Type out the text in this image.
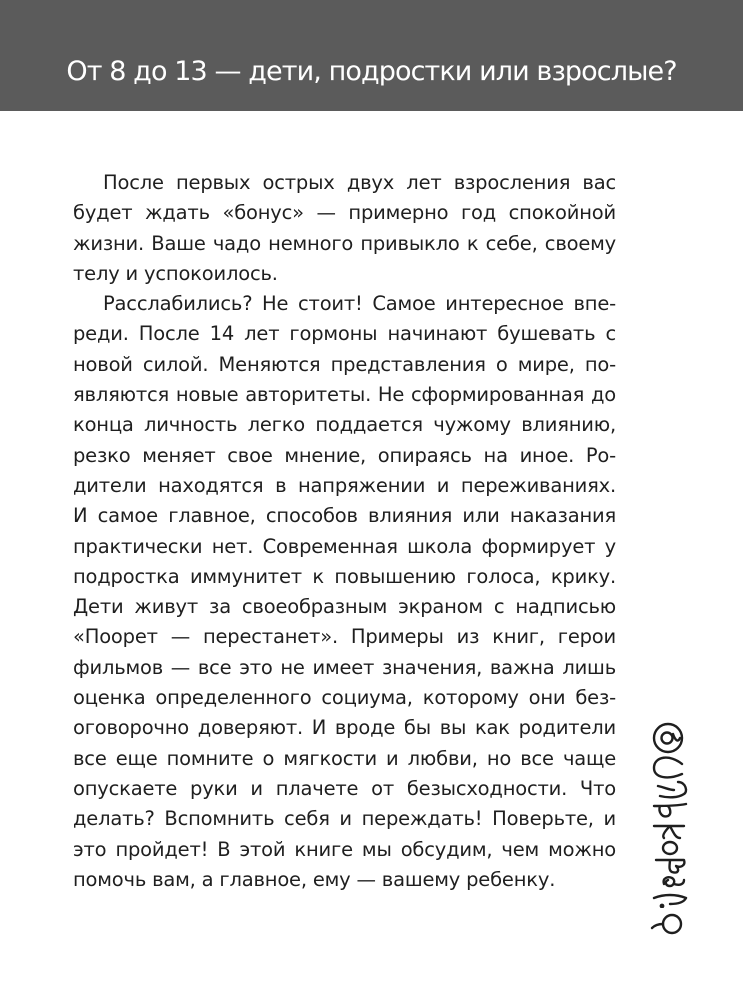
От 8 до 13 — дети, подростки или взрослые?
После первых острых двух лет взросления вас
будет ждать «бонус» — примерно год спокойной
жизни. Ваше чадо немного привыкло к себе, своему
телу и успокоилось.
Расслабились? Не стоит! Самое интересное впе-
реди. После 14 лет гормоны начинают бушевать с
новой силой. Меняются представления о мире, по-
являются новые авторитеты. Не сформированная до
конца личность легко поддается чужому влиянию,
резко меняет свое мнение, опираясь на иное. Ро-
дители находятся в напряжении и переживаниях.
И самое главное, способов влияния или наказания
практически нет. Современная школа формирует у
подростка иммунитет к повышению голоса, крику.
Дети живут за своеобразным экраном с надписью
«Поорет — перестанет». Примеры из книг, герои
фильмов — все это не имеет значения, важна лишь
оценка определенного социума, которому они без-
оговорочно доверяют. И вроде бы вы как родители
все еще помните о мягкости и любви, но все чаще
опускаете руки и плачете от безысходности. Что
делать? Вспомнить себя и переждать! Поверьте, и
это пройдет! В этой книге мы обсудим, чем можно
помочь вам, а главное, ему — вашему ребенку.
